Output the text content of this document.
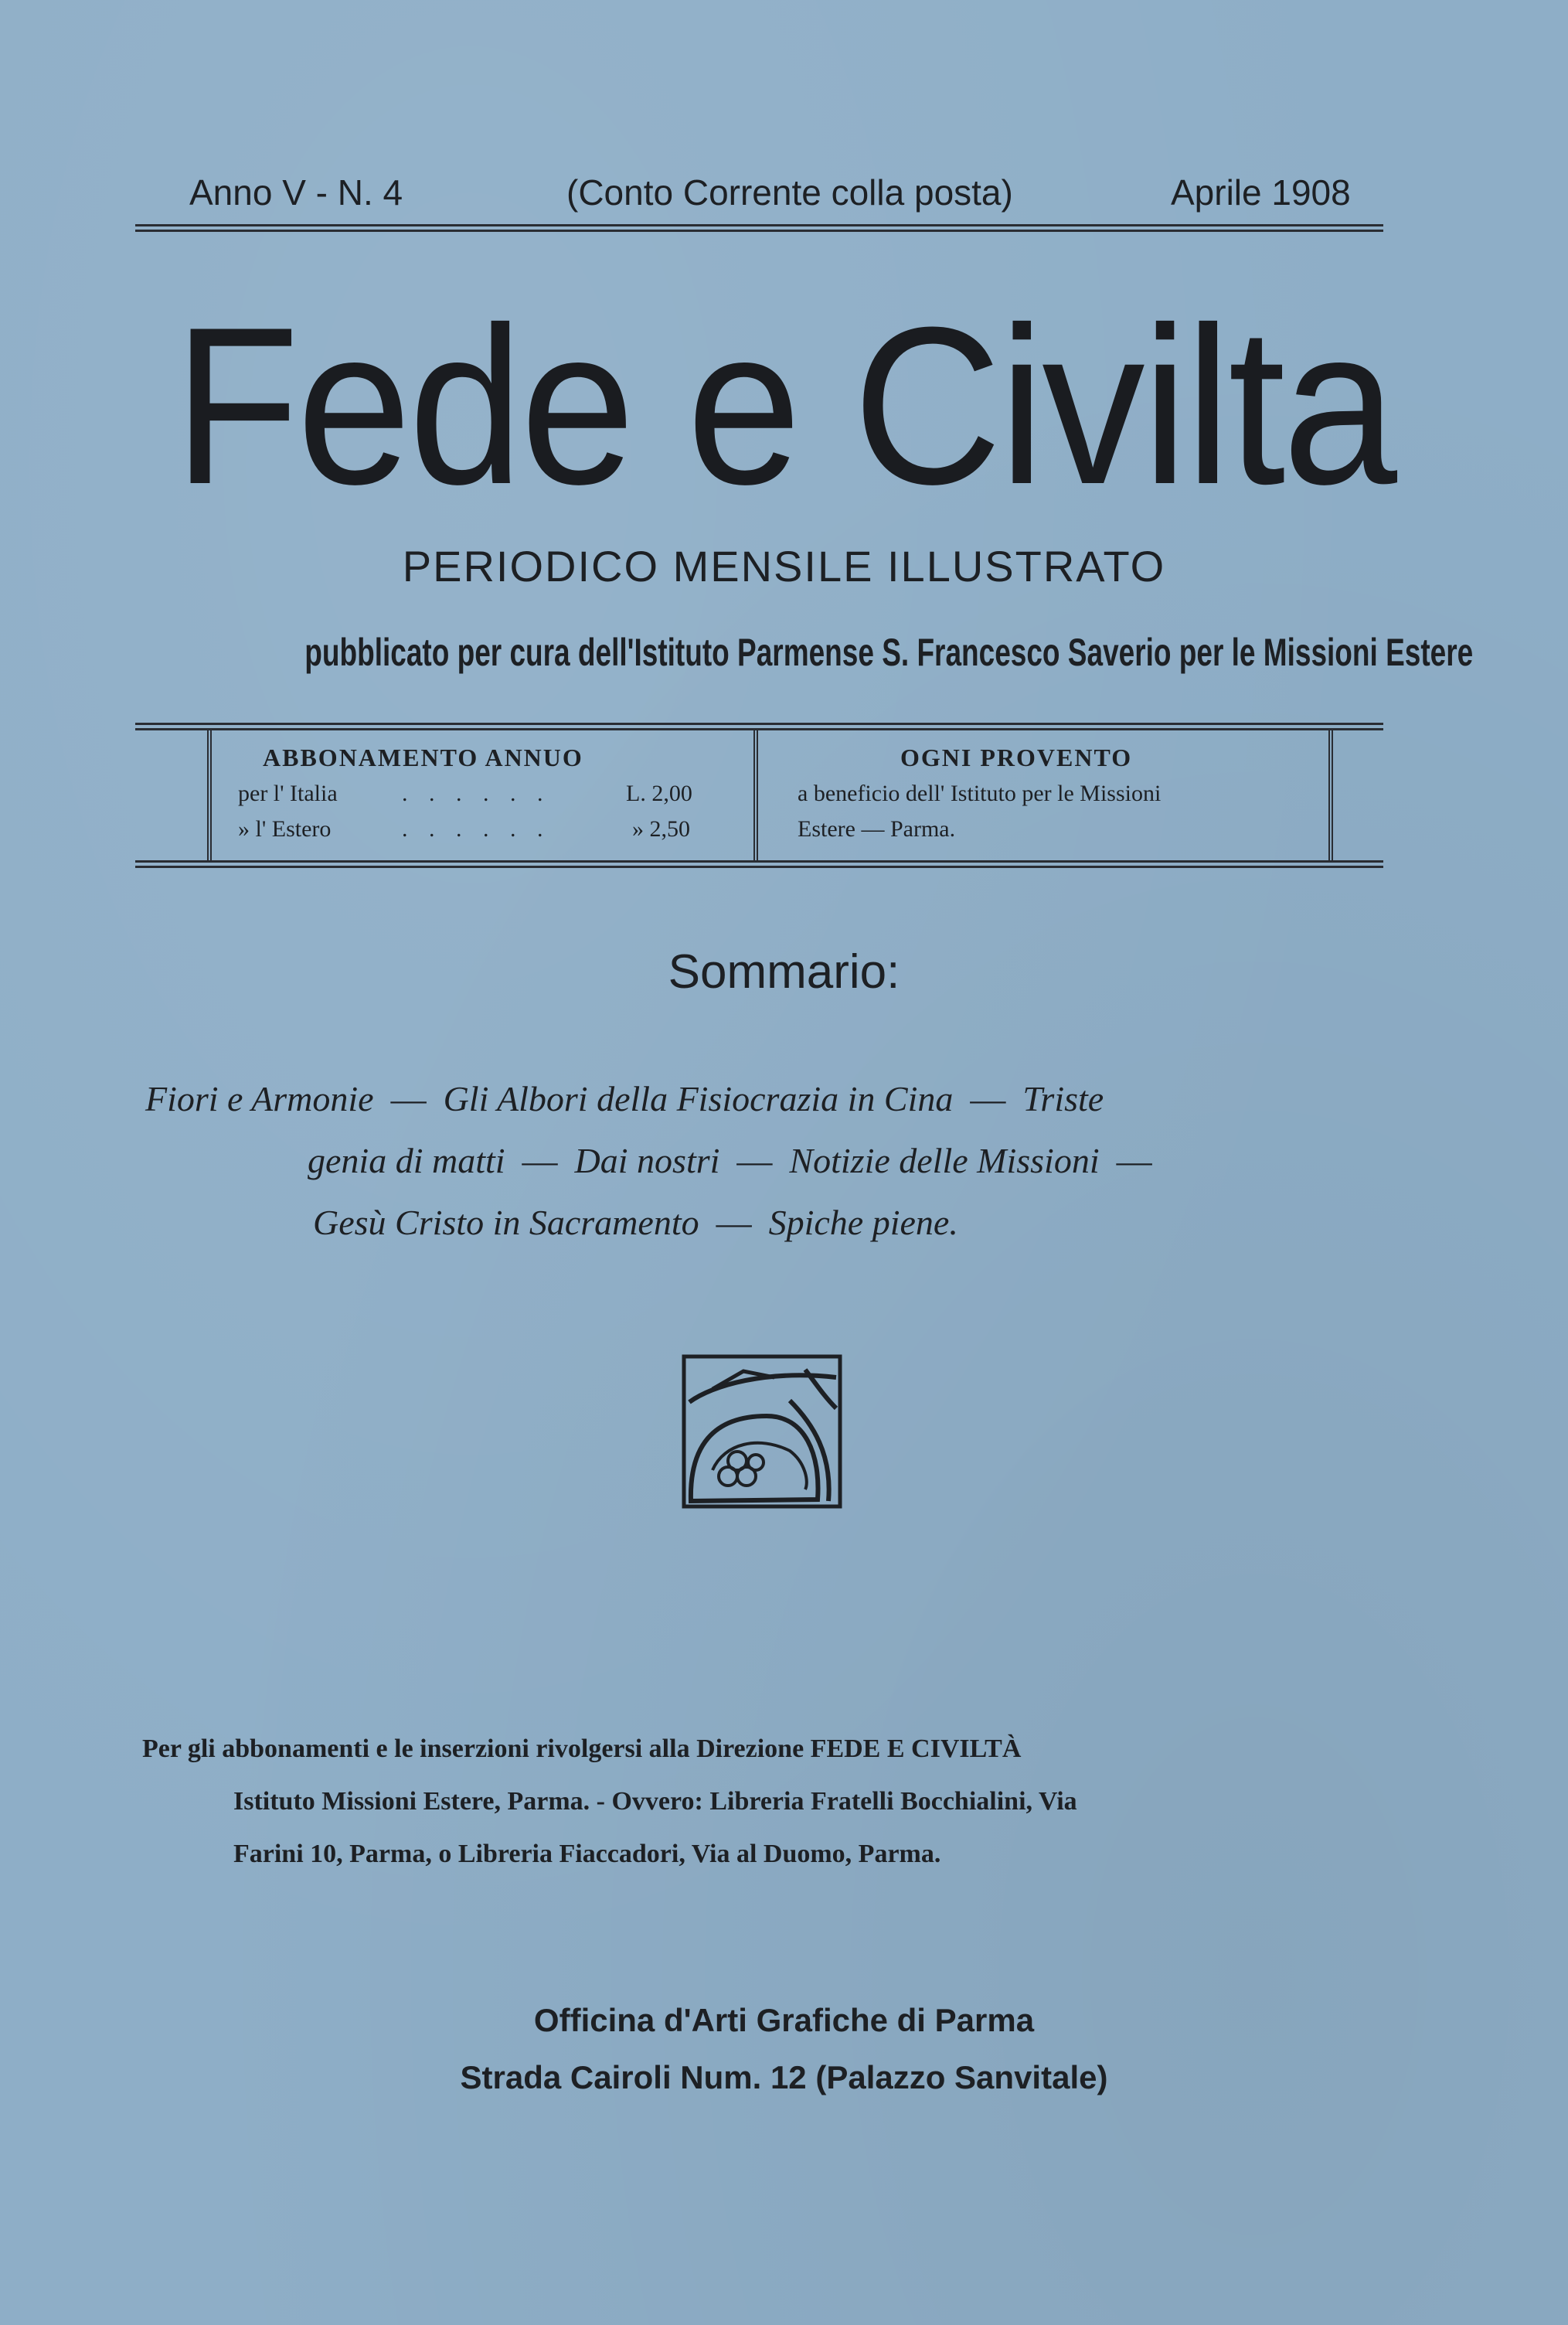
Anno V - N. 4	(Conto Corrente colla posta)	Aprile 1908
Fede e Civilta
PERIODICO MENSILE ILLUSTRATO
pubblicato per cura dell'Istituto Parmense S. Francesco Saverio per le Missioni Estere
ABBONAMENTO ANNUO
per l' Italia	. . . . . .	L. 2,00
» l' Estero	. . . . . .	» 2,50
OGNI PROVENTO
a beneficio dell' Istituto per le Missioni
Estere — Parma.
Sommario:
Fiori e Armonie — Gli Albori della Fisiocrazia in Cina — Triste
genia di matti — Dai nostri — Notizie delle Missioni —
Gesù Cristo in Sacramento — Spiche piene.
Per gli abbonamenti e le inserzioni rivolgersi alla Direzione FEDE E CIVILTÀ
Istituto Missioni Estere, Parma. - Ovvero: Libreria Fratelli Bocchialini, Via
Farini 10, Parma, o Libreria Fiaccadori, Via al Duomo, Parma.
Officina d'Arti Grafiche di Parma
Strada Cairoli Num. 12 (Palazzo Sanvitale)
